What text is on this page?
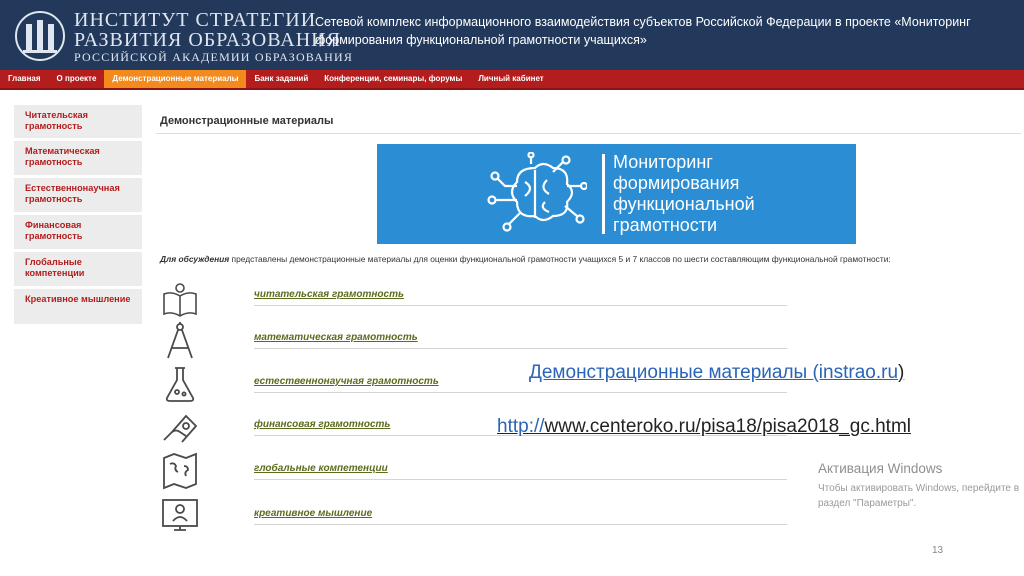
ИНСТИТУТ СТРАТЕГИИ
РАЗВИТИЯ ОБРАЗОВАНИЯ
РОССИЙСКОЙ АКАДЕМИИ ОБРАЗОВАНИЯ
Сетевой комплекс информационного взаимодействия субъектов Российской Федерации в проекте «Мониторинг формирования функциональной грамотности учащихся»
Главная	О проекте	Демонстрационные материалы	Банк заданий	Конференции, семинары, форумы	Личный кабинет
Читательская грамотность
Математическая грамотность
Естественнонаучная грамотность
Финансовая грамотность
Глобальные компетенции
Креативное мышление
Демонстрационные материалы
Мониторинг
формирования
функциональной
грамотности
Для обсуждения представлены демонстрационные материалы для оценки функциональной грамотности учащихся 5 и 7 классов по шести составляющим функциональной грамотности:
читательская грамотность
математическая грамотность
естественнонаучная грамотность
финансовая грамотность
глобальные компетенции
креативное мышление
Демонстрационные материалы (instrao.ru)
http://www.centeroko.ru/pisa18/pisa2018_gc.html
Активация Windows
Чтобы активировать Windows, перейдите в
раздел "Параметры".
13
